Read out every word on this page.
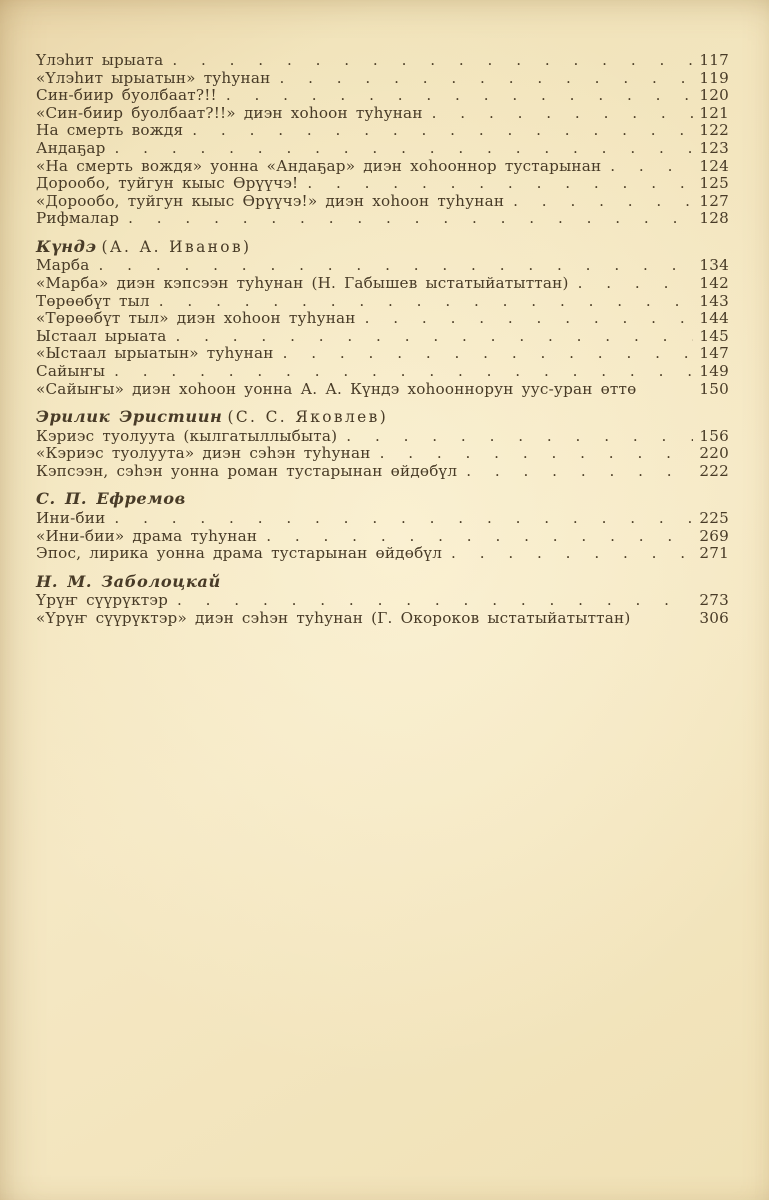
Үлэһит ырыата . . .	117
«Үлэһит ырыатын» туһунан . . .	119
Син-биир буолбаат?!! . . .	120
«Син-биир буолбаат?!!» диэн хоһоон туһунан . . .	121
На смерть вождя . . .	122
Андаҕар . . .	123
«На смерть вождя» уонна «Андаҕар» диэн хоһооннор тустарынан . . .	124
Дорообо, туйгун кыыс Өрүүчэ! . . .	125
«Дорообо, туйгун кыыс Өрүүчэ!» диэн хоһоон туһунан . . .	127
Рифмалар . . .	128
Күндэ (А. А. Иванов)
Марба . . .	134
«Марба» диэн кэпсээн туһунан (Н. Габышев ыстатыйатыттан) . . .	142
Төрөөбүт тыл . . .	143
«Төрөөбүт тыл» диэн хоһоон туһунан . . .	144
Ыстаал ырыата . . .	145
«Ыстаал ырыатын» туһунан . . .	147
Сайыҥы . . .	149
«Сайыҥы» диэн хоһоон уонна А. А. Күндэ хоһооннорун уус-уран өттө	150
Эрилик Эристиин (С. С. Яковлев)
Кэриэс туолуута (кылгатыллыбыта) . . .	156
«Кэриэс туолуута» диэн сэһэн туһунан . . .	220
Кэпсээн, сэһэн уонна роман тустарынан өйдөбүл . . .	222
С. П. Ефремов
Ини-бии . . .	225
«Ини-бии» драма туһунан . . .	269
Эпос, лирика уонна драма тустарынан өйдөбүл . . .	271
Н. М. Заболоцкай
Үрүҥ сүүрүктэр . . .	273
«Үрүҥ сүүрүктэр» диэн сэһэн туһунан (Г. Окороков ыстатыйатыттан)	306
